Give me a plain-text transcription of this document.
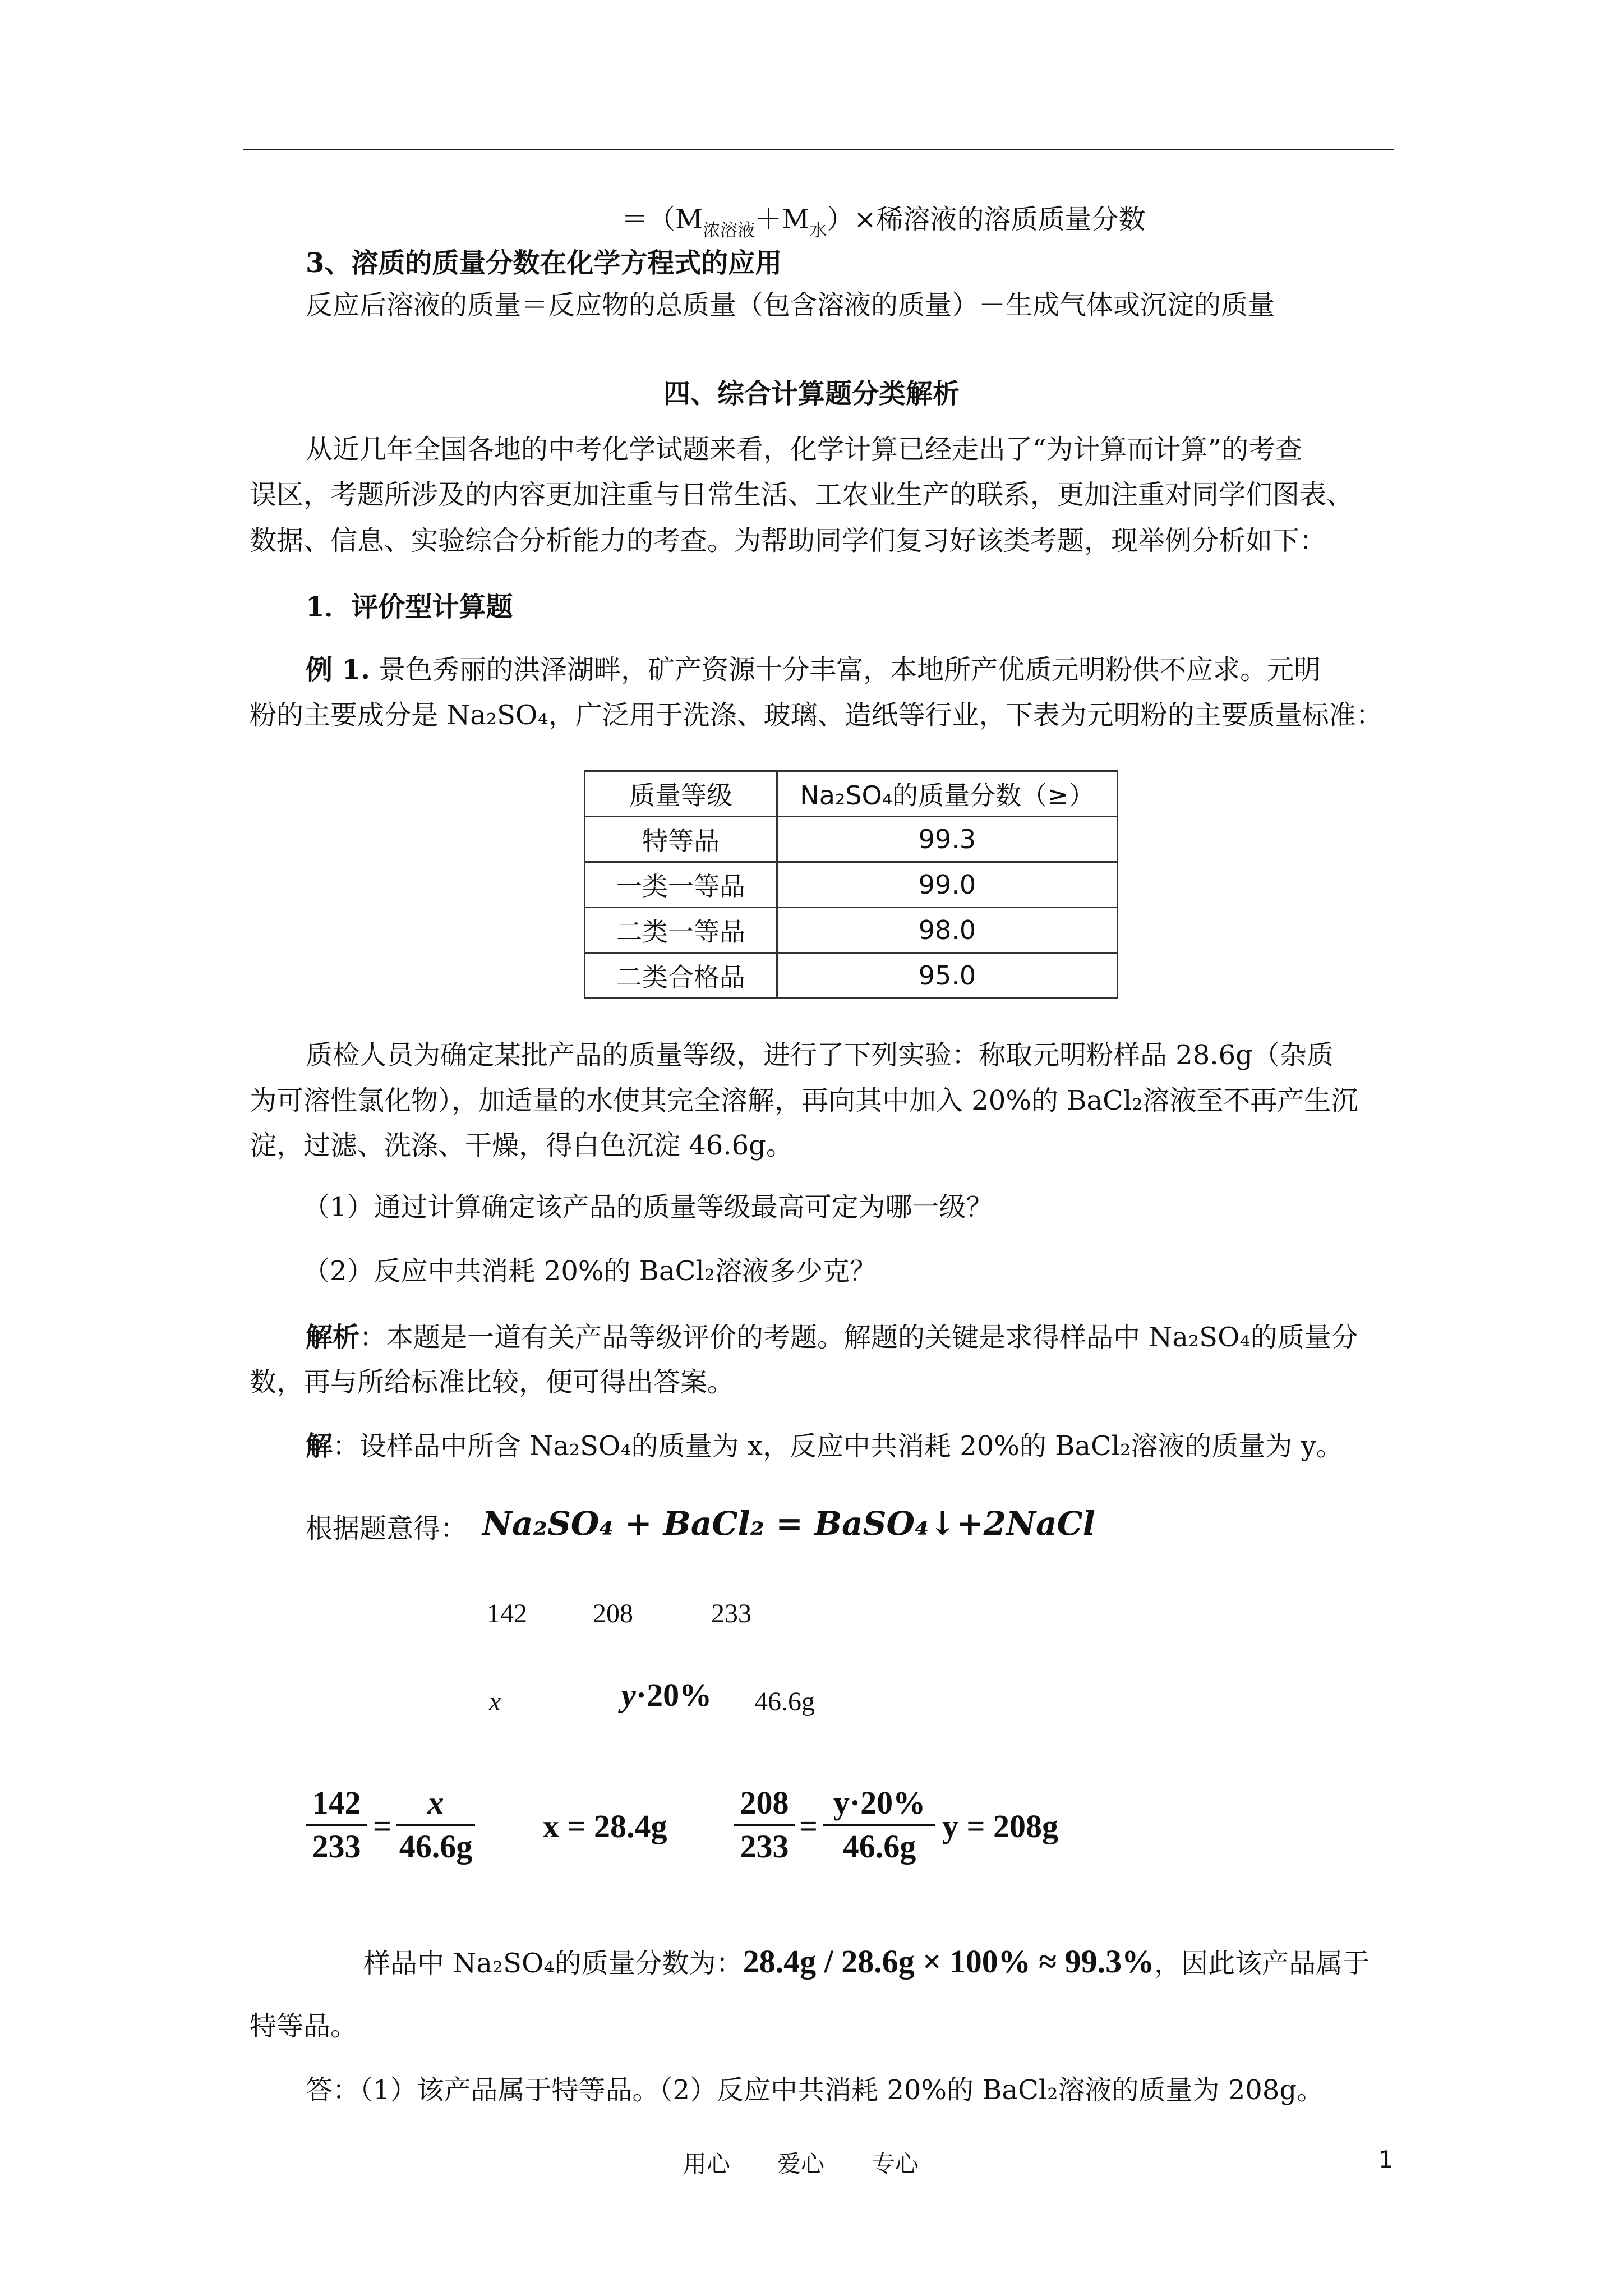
$=(M_{浓溶液}+M_水)\times$稀溶液的溶质质量分数
3、溶质的质量分数在化学方程式的应用
反应后溶液的质量＝反应物的总质量（包含溶液的质量）－生成气体或沉淀的质量
四、综合计算题分类解析
从近几年全国各地的中考化学试题来看，化学计算已经走出了“为计算而计算”的考查
误区，考题所涉及的内容更加注重与日常生活、工农业生产的联系，更加注重对同学们图表、
数据、信息、实验综合分析能力的考查。为帮助同学们复习好该类考题，现举例分析如下：
1．评价型计算题
例 1. 景色秀丽的洪泽湖畔，矿产资源十分丰富，本地所产优质元明粉供不应求。元明
粉的主要成分是 Na₂SO₄，广泛用于洗涤、玻璃、造纸等行业，下表为元明粉的主要质量标准：
质量等级	Na₂SO₄的质量分数（≥）
特等品	99.3
一类一等品	99.0
二类一等品	98.0
二类合格品	95.0
质检人员为确定某批产品的质量等级，进行了下列实验：称取元明粉样品 28.6g（杂质
为可溶性氯化物），加适量的水使其完全溶解，再向其中加入 20%的 BaCl₂溶液至不再产生沉
淀，过滤、洗涤、干燥，得白色沉淀 46.6g。
（1）通过计算确定该产品的质量等级最高可定为哪一级？
（2）反应中共消耗 20%的 BaCl₂溶液多少克？
解析：本题是一道有关产品等级评价的考题。解题的关键是求得样品中 Na₂SO₄的质量分
数，再与所给标准比较，便可得出答案。
解：设样品中所含 Na₂SO₄的质量为 x，反应中共消耗 20%的 BaCl₂溶液的质量为 y。
根据题意得： Na₂SO₄ + BaCl₂ = BaSO₄↓+2NaCl
142 208	233
x	y·20% 46.6g
142
233
=
x
46.6g
x = 28.4g
208
233
=
y·20%
46.6g
y = 208g
样品中 Na₂SO₄的质量分数为：28.4g / 28.6g × 100% ≈ 99.3%，因此该产品属于
特等品。
答：（1）该产品属于特等品。（2）反应中共消耗 20%的 BaCl₂溶液的质量为 208g。
用心　　爱心　　专心	1
